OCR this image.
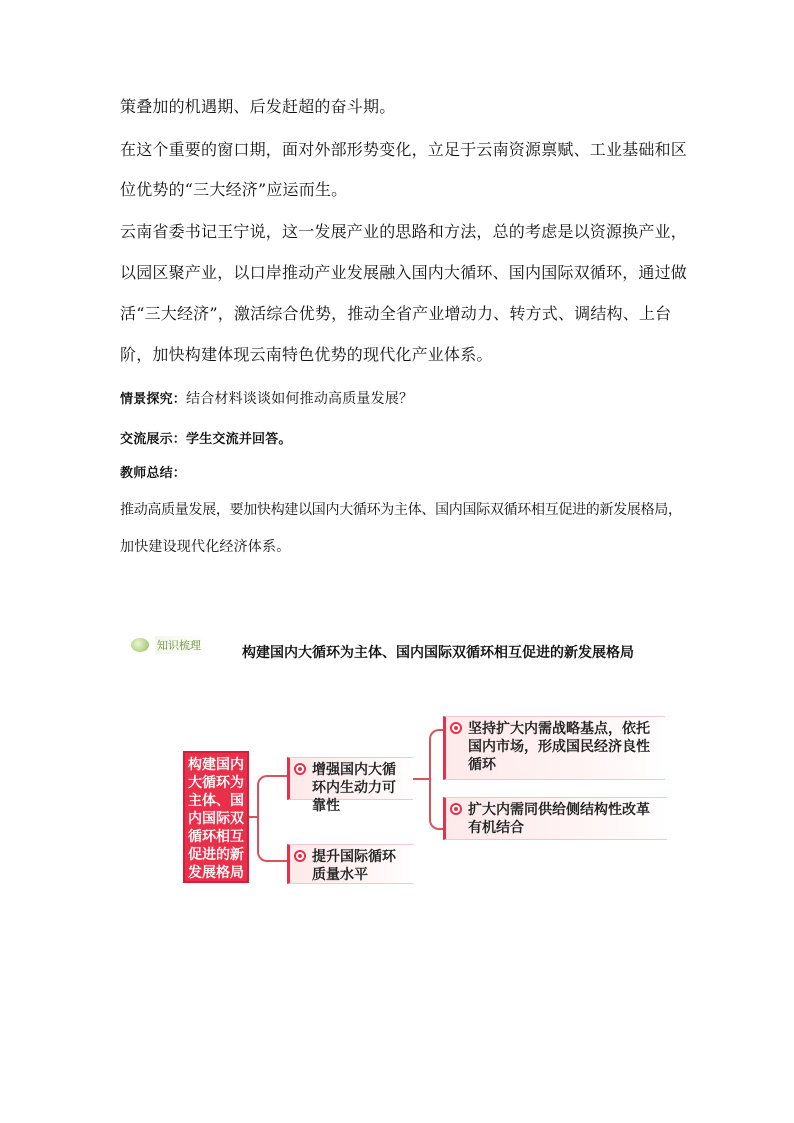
策叠加的机遇期、后发赶超的奋斗期。
在这个重要的窗口期，面对外部形势变化，立足于云南资源禀赋、工业基础和区
位优势的“三大经济”应运而生。
云南省委书记王宁说，这一发展产业的思路和方法，总的考虑是以资源换产业，
以园区聚产业，以口岸推动产业发展融入国内大循环、国内国际双循环，通过做
活“三大经济”，激活综合优势，推动全省产业增动力、转方式、调结构、上台
阶，加快构建体现云南特色优势的现代化产业体系。
情景探究：结合材料谈谈如何推动高质量发展？
交流展示：学生交流并回答。
教师总结：
推动高质量发展，要加快构建以国内大循环为主体、国内国际双循环相互促进的新发展格局，
加快建设现代化经济体系。
知识梳理	构建国内大循环为主体、国内国际双循环相互促进的新发展格局
构建国内大循环为主体、国内国际双循环相互促进的新发展格局
增强国内大循环内生动力可靠性
提升国际循环质量水平
坚持扩大内需战略基点，依托国内市场，形成国民经济良性循环
扩大内需同供给侧结构性改革有机结合
